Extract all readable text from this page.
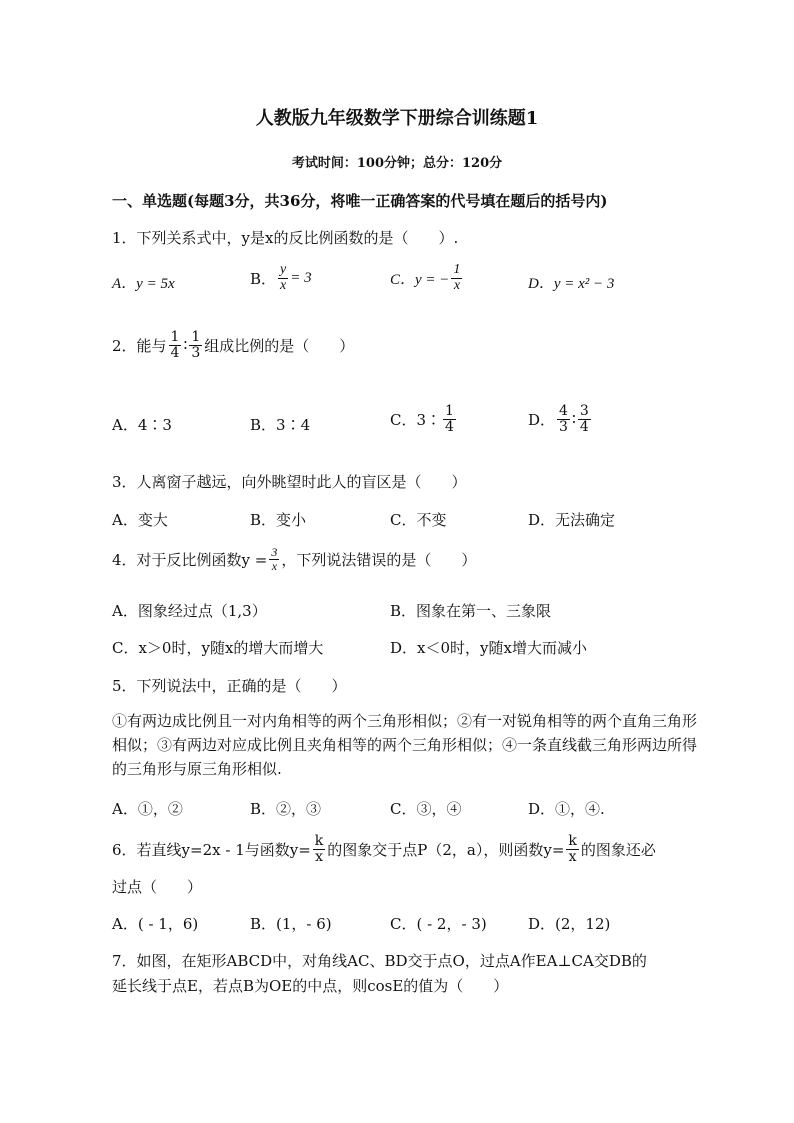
人教版九年级数学下册综合训练题1
考试时间：100分钟；总分：120分
一、单选题(每题3分，共36分，将唯一正确答案的代号填在题后的括号内)
1．下列关系式中，y是x的反比例函数的是（　　）.
A．y = 5x	B． $\frac{y}{x} = 3$	C．y = − $\frac{1}{x}$	D．y = x² − 3
2．能与 $\frac{1}{4}$ ∶ $\frac{1}{3}$ 组成比例的是（　　）
A．4∶3	B．3∶4	C．3∶ $\frac{1}{4}$	D． $\frac{4}{3}$ ∶ $\frac{3}{4}$
3．人离窗子越远，向外眺望时此人的盲区是（　　）
A．变大	B．变小	C．不变	D．无法确定
4．对于反比例函数$y = \frac{3}{x}$ ，下列说法错误的是（　　）
A．图象经过点（1,3）	B．图象在第一、三象限
C．x＞0时，y随x的增大而增大	D．x＜0时，y随x增大而减小
5．下列说法中，正确的是（　　）
①有两边成比例且一对内角相等的两个三角形相似；②有一对锐角相等的两个直角三角形相似；③有两边对应成比例且夹角相等的两个三角形相似；④一条直线截三角形两边所得的三角形与原三角形相似.
A．①，②	B．②，③	C．③，④	D．①，④.
6．若直线y=2x - 1与函数$y= \frac{k}{x}$ 的图象交于点P（2，a），则函数$y= \frac{k}{x}$ 的图象还必
过点（　　）
A．( - 1，6)	B．(1，- 6)	C．( - 2，- 3)	D．(2，12)
7．如图，在矩形ABCD中，对角线AC、BD交于点O，过点A作EA⊥CA交DB的
延长线于点E，若点B为OE的中点，则cosE的值为（　　）
